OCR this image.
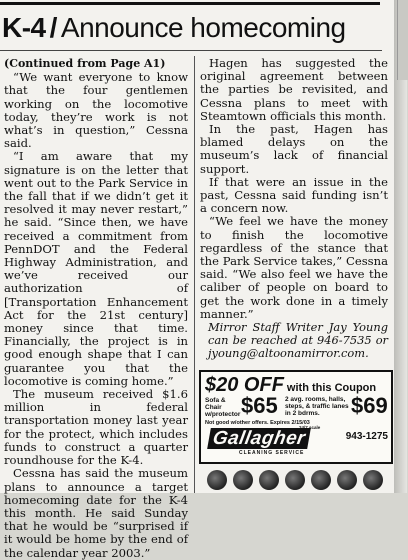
K-4 / Announce homecoming

(Continued from Page A1)

“We want everyone to know that the four gentlemen working on the locomotive today, they’re work is not what’s in question,” Cessna said.

“I am aware that my signature is on the letter that went out to the Park Service in the fall that if we didn’t get it resolved it may never restart,” he said. “Since then, we have received a commitment from PennDOT and the Federal Highway Administration, and we’ve received our authorization of [Transportation Enhancement Act for the 21st century] money since that time. Financially, the project is in good enough shape that I can guarantee you that the locomotive is coming home.”

The museum received $1.6 million in federal transportation money last year for the protect, which includes funds to construct a quarter roundhouse for the K-4.

Cessna has said the museum plans to announce a target homecoming date for the K-4 this month. He said Sunday that he would be “surprised if it would be home by the end of the calendar year 2003.”

Hagen has suggested the original agreement between the parties be revisited, and Cessna plans to meet with Steamtown officials this month.

In the past, Hagen has blamed delays on the museum’s lack of financial support.

If that were an issue in the past, Cessna said funding isn’t a concern now.

“We feel we have the money to finish the locomotive regardless of the stance that the Park Service takes,” Cessna said. “We also feel we have the caliber of people on board to get the work done in a timely manner.”

Mirror Staff Writer Jay Young can be reached at 946-7535 or jyoung@altoonamirror.com.

$20 OFF with this Coupon
Sofa & Chair w/protector $65 2 avg. rooms, halls, steps, & traffic lanes in 2 bdrms.	$69
Not good w/other offers. Expires 2/15/03
Gallagher
24/7 scale
943-1275
CLEANING SERVICE
